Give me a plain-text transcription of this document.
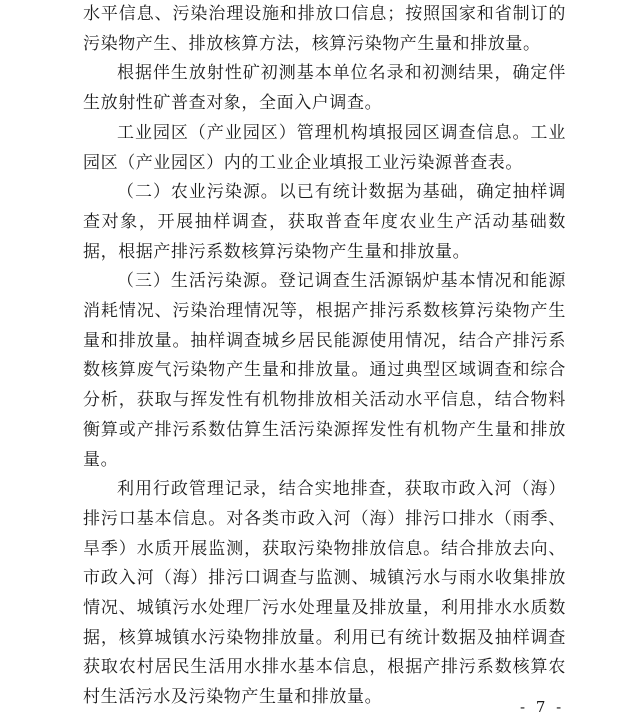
水平信息、污染治理设施和排放口信息；按照国家和省制订的污染物产生、排放核算方法，核算污染物产生量和排放量。

根据伴生放射性矿初测基本单位名录和初测结果，确定伴生放射性矿普查对象，全面入户调查。

工业园区（产业园区）管理机构填报园区调查信息。工业园区（产业园区）内的工业企业填报工业污染源普查表。

（二）农业污染源。以已有统计数据为基础，确定抽样调查对象，开展抽样调查，获取普查年度农业生产活动基础数据，根据产排污系数核算污染物产生量和排放量。

（三）生活污染源。登记调查生活源锅炉基本情况和能源消耗情况、污染治理情况等，根据产排污系数核算污染物产生量和排放量。抽样调查城乡居民能源使用情况，结合产排污系数核算废气污染物产生量和排放量。通过典型区域调查和综合分析，获取与挥发性有机物排放相关活动水平信息，结合物料衡算或产排污系数估算生活污染源挥发性有机物产生量和排放量。

利用行政管理记录，结合实地排查，获取市政入河（海）排污口基本信息。对各类市政入河（海）排污口排水（雨季、旱季）水质开展监测，获取污染物排放信息。结合排放去向、市政入河（海）排污口调查与监测、城镇污水与雨水收集排放情况、城镇污水处理厂污水处理量及排放量，利用排水水质数据，核算城镇水污染物排放量。利用已有统计数据及抽样调查获取农村居民生活用水排水基本信息，根据产排污系数核算农村生活污水及污染物产生量和排放量。	- 7 -
